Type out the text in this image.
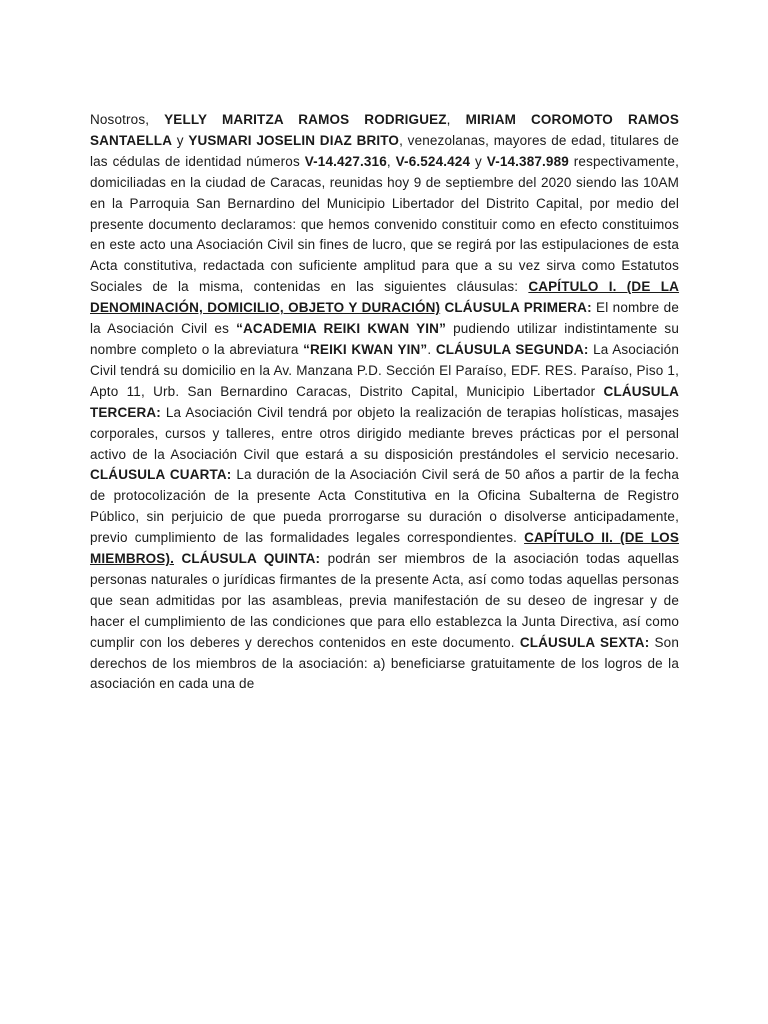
Nosotros, YELLY MARITZA RAMOS RODRIGUEZ, MIRIAM COROMOTO RAMOS SANTAELLA y YUSMARI JOSELIN DIAZ BRITO, venezolanas, mayores de edad, titulares de las cédulas de identidad números V-14.427.316, V-6.524.424 y V-14.387.989 respectivamente, domiciliadas en la ciudad de Caracas, reunidas hoy 9 de septiembre del 2020 siendo las 10AM en la Parroquia San Bernardino del Municipio Libertador del Distrito Capital, por medio del presente documento declaramos: que hemos convenido constituir como en efecto constituimos en este acto una Asociación Civil sin fines de lucro, que se regirá por las estipulaciones de esta Acta constitutiva, redactada con suficiente amplitud para que a su vez sirva como Estatutos Sociales de la misma, contenidas en las siguientes cláusulas: CAPÍTULO I. (DE LA DENOMINACIÓN, DOMICILIO, OBJETO Y DURACIÓN) CLÁUSULA PRIMERA: El nombre de la Asociación Civil es “ACADEMIA REIKI KWAN YIN” pudiendo utilizar indistintamente su nombre completo o la abreviatura “REIKI KWAN YIN”. CLÁUSULA SEGUNDA: La Asociación Civil tendrá su domicilio en la Av. Manzana P.D. Sección El Paraíso, EDF. RES. Paraíso, Piso 1, Apto 11, Urb. San Bernardino Caracas, Distrito Capital, Municipio Libertador CLÁUSULA TERCERA: La Asociación Civil tendrá por objeto la realización de terapias holísticas, masajes corporales, cursos y talleres, entre otros dirigido mediante breves prácticas por el personal activo de la Asociación Civil que estará a su disposición prestándoles el servicio necesario. CLÁUSULA CUARTA: La duración de la Asociación Civil será de 50 años a partir de la fecha de protocolización de la presente Acta Constitutiva en la Oficina Subalterna de Registro Público, sin perjuicio de que pueda prorrogarse su duración o disolverse anticipadamente, previo cumplimiento de las formalidades legales correspondientes. CAPÍTULO II. (DE LOS MIEMBROS). CLÁUSULA QUINTA: podrán ser miembros de la asociación todas aquellas personas naturales o jurídicas firmantes de la presente Acta, así como todas aquellas personas que sean admitidas por las asambleas, previa manifestación de su deseo de ingresar y de hacer el cumplimiento de las condiciones que para ello establezca la Junta Directiva, así como cumplir con los deberes y derechos contenidos en este documento. CLÁUSULA SEXTA: Son derechos de los miembros de la asociación: a) beneficiarse gratuitamente de los logros de la asociación en cada una de
